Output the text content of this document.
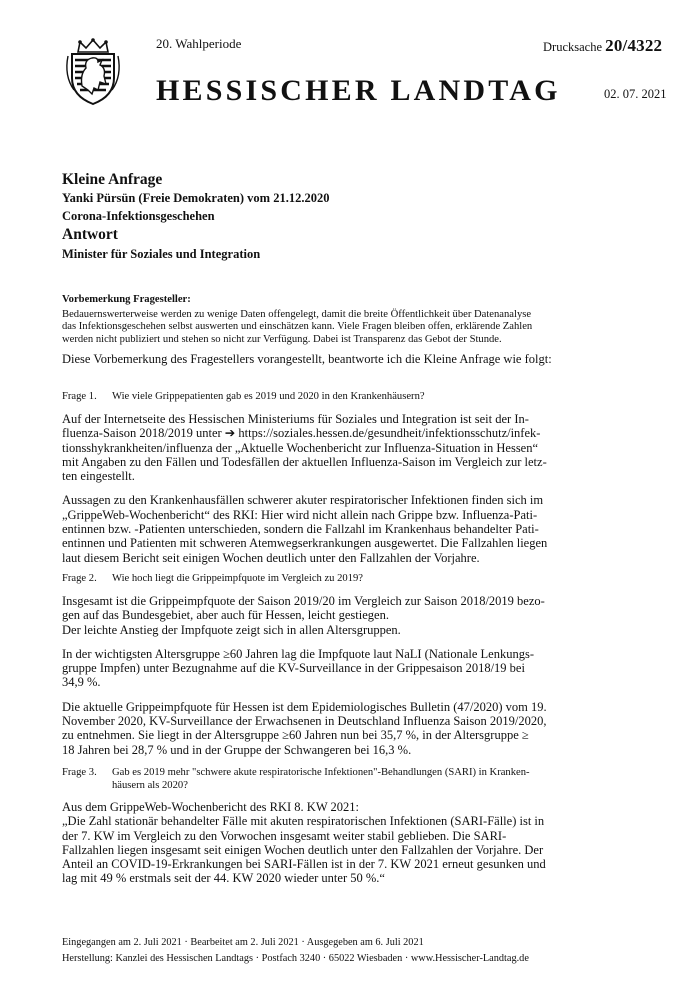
20. Wahlperiode	Drucksache 20/4322
HESSISCHER LANDTAG	02. 07. 2021
Kleine Anfrage
Yanki Pürsün (Freie Demokraten) vom 21.12.2020
Corona-Infektionsgeschehen
Antwort
Minister für Soziales und Integration
Vorbemerkung Fragesteller:
Bedauernswerterweise werden zu wenige Daten offengelegt, damit die breite Öffentlichkeit über Datenanalyse
das Infektionsgeschehen selbst auswerten und einschätzen kann. Viele Fragen bleiben offen, erklärende Zahlen
werden nicht publiziert und stehen so nicht zur Verfügung. Dabei ist Transparenz das Gebot der Stunde.
Diese Vorbemerkung des Fragestellers vorangestellt, beantworte ich die Kleine Anfrage wie folgt:
Frage 1. Wie viele Grippepatienten gab es 2019 und 2020 in den Krankenhäusern?

Auf der Internetseite des Hessischen Ministeriums für Soziales und Integration ist seit der In-
fluenza-Saison 2018/2019 unter ➔ https://soziales.hessen.de/gesundheit/infektionsschutz/infek-
tionsshykrankheiten/influenza der „Aktuelle Wochenbericht zur Influenza-Situation in Hessen“
mit Angaben zu den Fällen und Todesfällen der aktuellen Influenza-Saison im Vergleich zur letz-
ten eingestellt.

Aussagen zu den Krankenhausfällen schwerer akuter respiratorischer Infektionen finden sich im
„GrippeWeb-Wochenbericht“ des RKI: Hier wird nicht allein nach Grippe bzw. Influenza-Pati-
entinnen bzw. -Patienten unterschieden, sondern die Fallzahl im Krankenhaus behandelter Pati-
entinnen und Patienten mit schweren Atemwegserkrankungen ausgewertet. Die Fallzahlen liegen
laut diesem Bericht seit einigen Wochen deutlich unter den Fallzahlen der Vorjahre.

Frage 2. Wie hoch liegt die Grippeimpfquote im Vergleich zu 2019?

Insgesamt ist die Grippeimpfquote der Saison 2019/20 im Vergleich zur Saison 2018/2019 bezo-
gen auf das Bundesgebiet, aber auch für Hessen, leicht gestiegen.
Der leichte Anstieg der Impfquote zeigt sich in allen Altersgruppen.

In der wichtigsten Altersgruppe ≥60 Jahren lag die Impfquote laut NaLI (Nationale Lenkungs-
gruppe Impfen) unter Bezugnahme auf die KV-Surveillance in der Grippesaison 2018/19 bei
34,9 %.

Die aktuelle Grippeimpfquote für Hessen ist dem Epidemiologisches Bulletin (47/2020) vom 19.
November 2020, KV-Surveillancе der Erwachsenen in Deutschland Influenza Saison 2019/2020,
zu entnehmen. Sie liegt in der Altersgruppe ≥60 Jahren nun bei 35,7 %, in der Altersgruppe ≥
18 Jahren bei 28,7 % und in der Gruppe der Schwangeren bei 16,3 %.

Frage 3. Gab es 2019 mehr "schwere akute respiratorische Infektionen"-Behandlungen (SARI) in Kranken-
häusern als 2020?

Aus dem GrippeWeb-Wochenbericht des RKI 8. KW 2021:
„Die Zahl stationär behandelter Fälle mit akuten respiratorischen Infektionen (SARI-Fälle) ist in
der 7. KW im Vergleich zu den Vorwochen insgesamt weiter stabil geblieben. Die SARI-
Fallzahlen liegen insgesamt seit einigen Wochen deutlich unter den Fallzahlen der Vorjahre. Der
Anteil an COVID-19-Erkrankungen bei SARI-Fällen ist in der 7. KW 2021 erneut gesunken und
lag mit 49 % erstmals seit der 44. KW 2020 wieder unter 50 %.“

Eingegangen am 2. Juli 2021 · Bearbeitet am 2. Juli 2021 · Ausgegeben am 6. Juli 2021
Herstellung: Kanzlei des Hessischen Landtags · Postfach 3240 · 65022 Wiesbaden · www.Hessischer-Landtag.de
